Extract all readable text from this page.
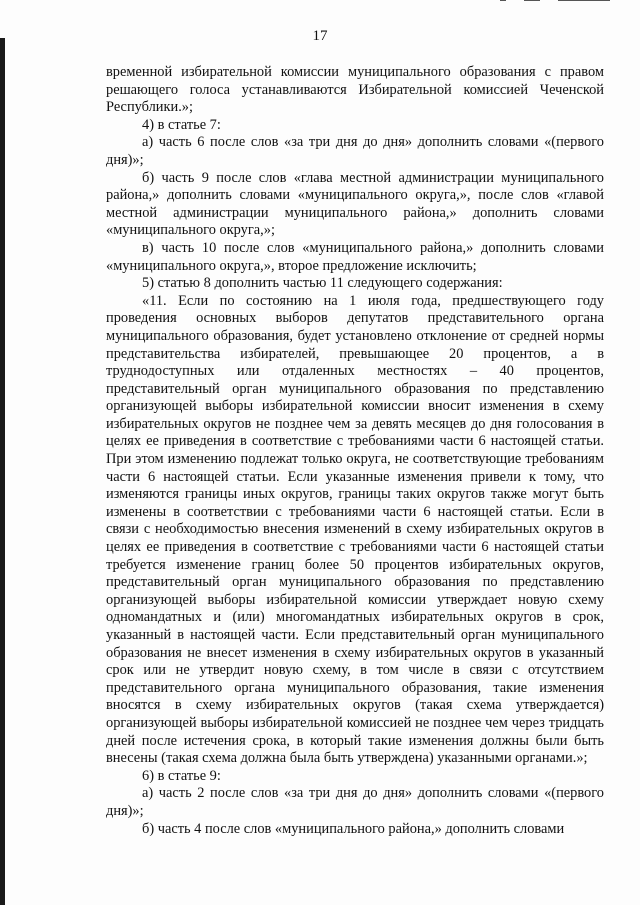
17

временной избирательной комиссии муниципального образования с правом решающего голоса устанавливаются Избирательной комиссией Чеченской Республики.»;

4) в статье 7:

а) часть 6 после слов «за три дня до дня» дополнить словами «(первого дня)»;

б) часть 9 после слов «глава местной администрации муниципального района,» дополнить словами «муниципального округа,», после слов «главой местной администрации муниципального района,» дополнить словами «муниципального округа,»;

в) часть 10 после слов «муниципального района,» дополнить словами «муниципального округа,», второе предложение исключить;

5) статью 8 дополнить частью 11 следующего содержания:

«11. Если по состоянию на 1 июля года, предшествующего году проведения основных выборов депутатов представительного органа муниципального образования, будет установлено отклонение от средней нормы представительства избирателей, превышающее 20 процентов, а в труднодоступных или отдаленных местностях – 40 процентов, представительный орган муниципального образования по представлению организующей выборы избирательной комиссии вносит изменения в схему избирательных округов не позднее чем за девять месяцев до дня голосования в целях ее приведения в соответствие с требованиями части 6 настоящей статьи. При этом изменению подлежат только округа, не соответствующие требованиям части 6 настоящей статьи. Если указанные изменения привели к тому, что изменяются границы иных округов, границы таких округов также могут быть изменены в соответствии с требованиями части 6 настоящей статьи. Если в связи с необходимостью внесения изменений в схему избирательных округов в целях ее приведения в соответствие с требованиями части 6 настоящей статьи требуется изменение границ более 50 процентов избирательных округов, представительный орган муниципального образования по представлению организующей выборы избирательной комиссии утверждает новую схему одномандатных и (или) многомандатных избирательных округов в срок, указанный в настоящей части. Если представительный орган муниципального образования не внесет изменения в схему избирательных округов в указанный срок или не утвердит новую схему, в том числе в связи с отсутствием представительного органа муниципального образования, такие изменения вносятся в схему избирательных округов (такая схема утверждается) организующей выборы избирательной комиссией не позднее чем через тридцать дней после истечения срока, в который такие изменения должны были быть внесены (такая схема должна была быть утверждена) указанными органами.»;

6) в статье 9:

а) часть 2 после слов «за три дня до дня» дополнить словами «(первого дня)»;

б) часть 4 после слов «муниципального района,» дополнить словами
